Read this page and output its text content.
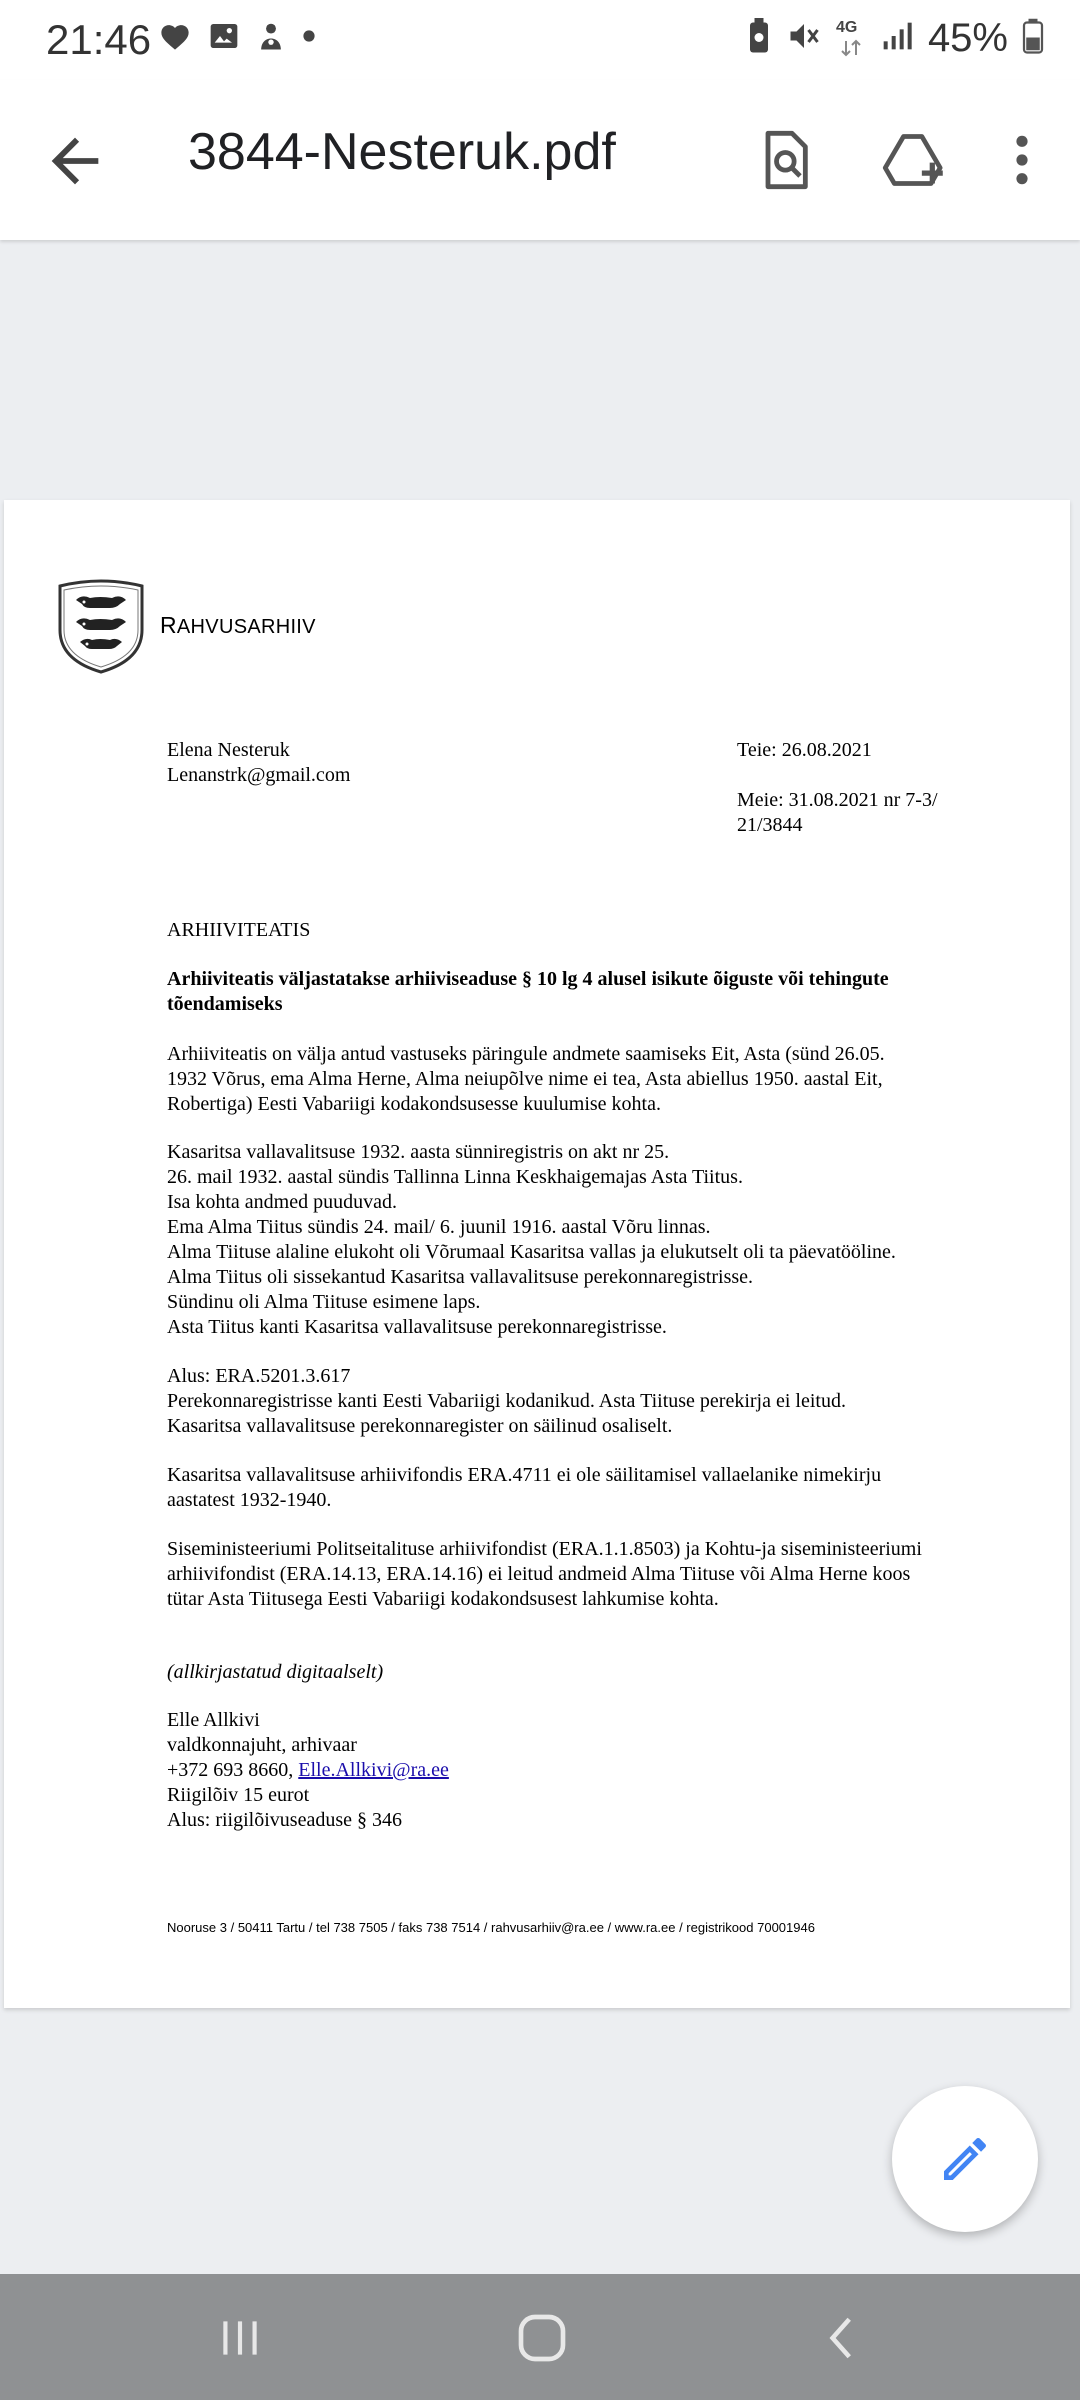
21:46	4G 45%
3844-Nesteruk.pdf
RAHVUSARHIIV
Elena Nesteruk
Lenanstrk@gmail.com
Teie: 26.08.2021
Meie: 31.08.2021 nr 7-3/
21/3844
ARHIIVITEATIS
Arhiiviteatis väljastatakse arhiiviseaduse § 10 lg 4 alusel isikute õiguste või tehingute
tõendamiseks
Arhiiviteatis on välja antud vastuseks päringule andmete saamiseks Eit, Asta (sünd 26.05.
1932 Võrus, ema Alma Herne, Alma neiupõlve nime ei tea, Asta abiellus 1950. aastal Eit,
Robertiga) Eesti Vabariigi kodakondsusesse kuulumise kohta.
Kasaritsa vallavalitsuse 1932. aasta sünniregistris on akt nr 25.
26. mail 1932. aastal sündis Tallinna Linna Keskhaigemajas Asta Tiitus.
Isa kohta andmed puuduvad.
Ema Alma Tiitus sündis 24. mail/ 6. juunil 1916. aastal Võru linnas.
Alma Tiituse alaline elukoht oli Võrumaal Kasaritsa vallas ja elukutselt oli ta päevatööline.
Alma Tiitus oli sissekantud Kasaritsa vallavalitsuse perekonnaregistrisse.
Sündinu oli Alma Tiituse esimene laps.
Asta Tiitus kanti Kasaritsa vallavalitsuse perekonnaregistrisse.
Alus: ERA.5201.3.617
Perekonnaregistrisse kanti Eesti Vabariigi kodanikud. Asta Tiituse perekirja ei leitud.
Kasaritsa vallavalitsuse perekonnaregister on säilinud osaliselt.
Kasaritsa vallavalitsuse arhiivifondis ERA.4711 ei ole säilitamisel vallaelanike nimekirju
aastatest 1932-1940.
Siseministeeriumi Politseitalituse arhiivifondist (ERA.1.1.8503) ja Kohtu-ja siseministeeriumi
arhiivifondist (ERA.14.13, ERA.14.16) ei leitud andmeid Alma Tiituse või Alma Herne koos
tütar Asta Tiitusega Eesti Vabariigi kodakondsusest lahkumise kohta.
(allkirjastatud digitaalselt)
Elle Allkivi
valdkonnajuht, arhivaar
+372 693 8660, Elle.Allkivi@ra.ee
Riigilõiv 15 eurot
Alus: riigilõivuseaduse § 346
Nooruse 3 / 50411 Tartu / tel 738 7505 / faks 738 7514 / rahvusarhiiv@ra.ee / www.ra.ee / registrikood 70001946
